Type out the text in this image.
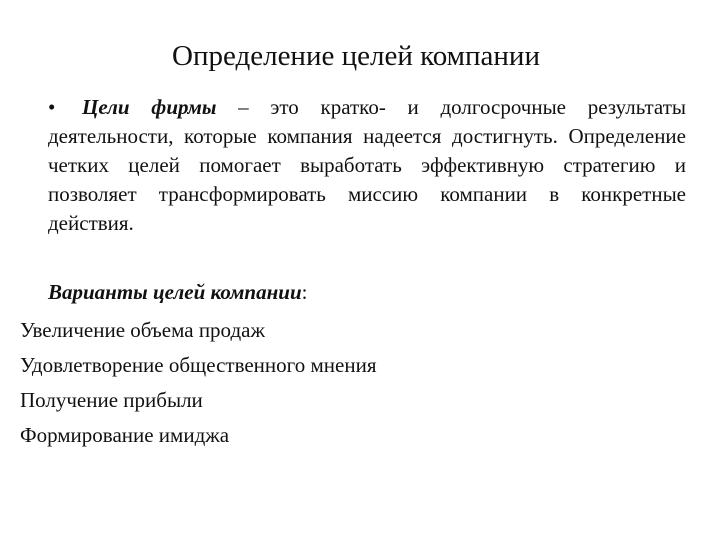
Определение целей компании
• Цели фирмы – это кратко- и долгосрочные результаты деятельности, которые компания надеется достигнуть. Определение четких целей помогает выработать эффективную стратегию и позволяет трансформировать миссию компании в конкретные действия.
Варианты целей компании:
Увеличение объема продаж
Удовлетворение общественного мнения
Получение прибыли
Формирование имиджа
